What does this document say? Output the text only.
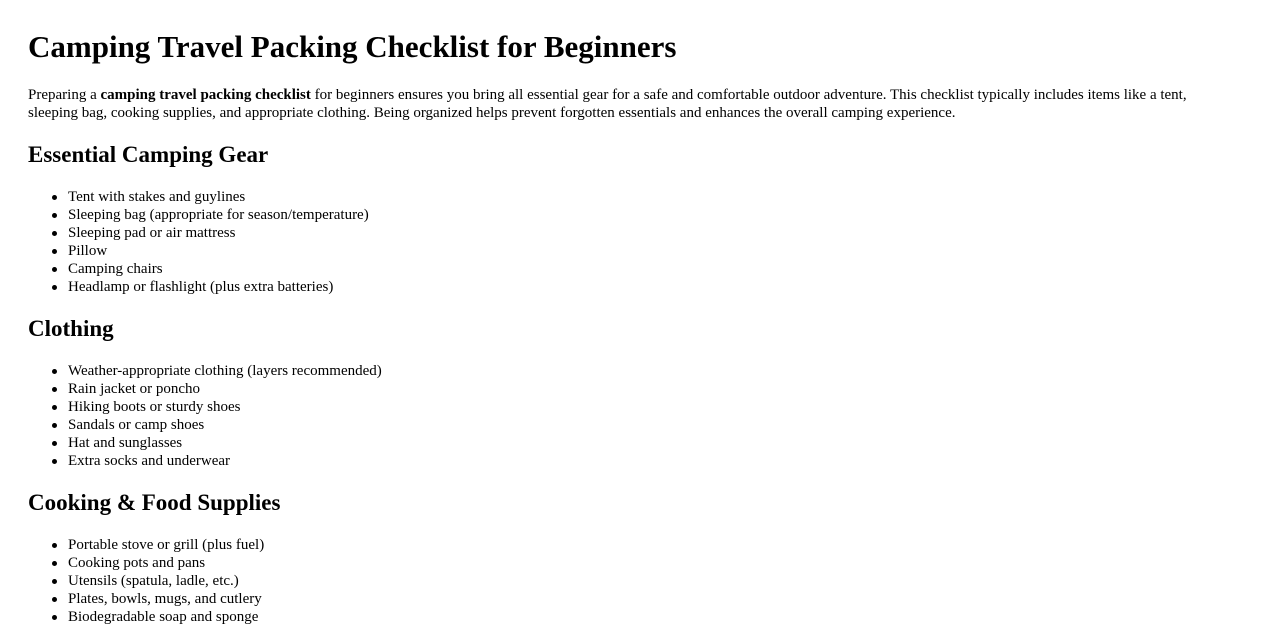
Camping Travel Packing Checklist for Beginners

Preparing a camping travel packing checklist for beginners ensures you bring all essential gear for a safe and comfortable outdoor adventure. This checklist typically includes items like a tent, sleeping bag, cooking supplies, and appropriate clothing. Being organized helps prevent forgotten essentials and enhances the overall camping experience.

Essential Camping Gear
Tent with stakes and guylines
Sleeping bag (appropriate for season/temperature)
Sleeping pad or air mattress
Pillow
Camping chairs
Headlamp or flashlight (plus extra batteries)
Clothing
Weather-appropriate clothing (layers recommended)
Rain jacket or poncho
Hiking boots or sturdy shoes
Sandals or camp shoes
Hat and sunglasses
Extra socks and underwear
Cooking & Food Supplies
Portable stove or grill (plus fuel)
Cooking pots and pans
Utensils (spatula, ladle, etc.)
Plates, bowls, mugs, and cutlery
Biodegradable soap and sponge
